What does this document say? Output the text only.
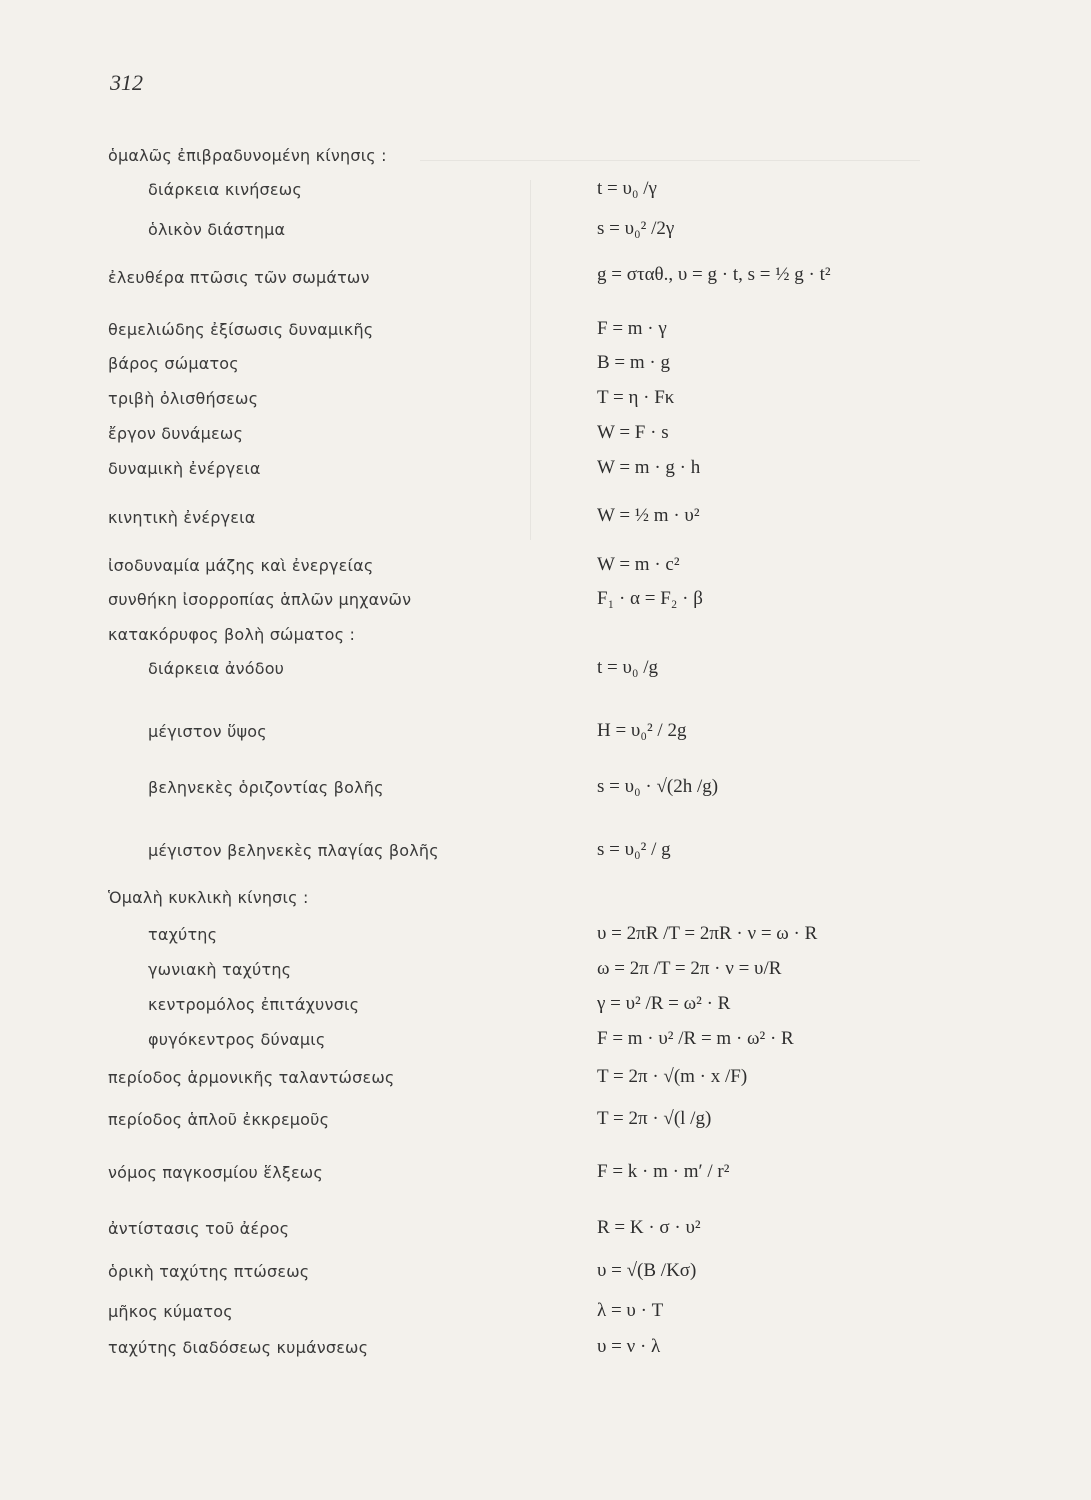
312
ὁμαλῶς ἐπιβραδυνομένη κίνησις :
διάρκεια κινήσεως
ὁλικὸν διάστημα
ἐλευθέρα πτῶσις τῶν σωμάτων
θεμελιώδης ἐξίσωσις δυναμικῆς
βάρος σώματος
τριβὴ ὀλισθήσεως
ἔργον δυνάμεως
δυναμικὴ ἐνέργεια
κινητικὴ ἐνέργεια
ἰσοδυναμία μάζης καὶ ἐνεργείας
συνθήκη ἰσορροπίας ἁπλῶν μηχανῶν
κατακόρυφος βολὴ σώματος :
διάρκεια ἀνόδου
μέγιστον ὕψος
βεληνεκὲς ὁριζοντίας βολῆς
μέγιστον βεληνεκὲς πλαγίας βολῆς
Ὁμαλὴ κυκλικὴ κίνησις :
ταχύτης
γωνιακὴ ταχύτης
κεντρομόλος ἐπιτάχυνσις
φυγόκεντρος δύναμις
περίοδος ἁρμονικῆς ταλαντώσεως
περίοδος ἁπλοῦ ἐκκρεμοῦς
νόμος παγκοσμίου ἕλξεως
ἀντίστασις τοῦ ἀέρος
ὁρικὴ ταχύτης πτώσεως
μῆκος κύματος
ταχύτης διαδόσεως κυμάνσεως
t = υ₀ /γ
s = υ₀² /2γ
g = σταθ., υ = g · t, s = ½ g · t²
F = m · γ
B = m · g
T = η · Fκ
W = F · s
W = m · g · h
W = ½ m · υ²
W = m · c²
F₁ · α = F₂ · β
t = υ₀ /g
H = υ₀² / 2g
s = υ₀ · √(2h /g)
s = υ₀² / g
υ = 2πR /T = 2πR · ν = ω · R
ω = 2π /T = 2π · ν = υ/R
γ = υ² /R = ω² · R
F = m · υ² /R = m · ω² · R
T = 2π · √(m · x /F)
T = 2π · √(l /g)
F = k · m · m′ / r²
R = K · σ · υ²
υ = √(B /Kσ)
λ = υ · T
υ = ν · λ
